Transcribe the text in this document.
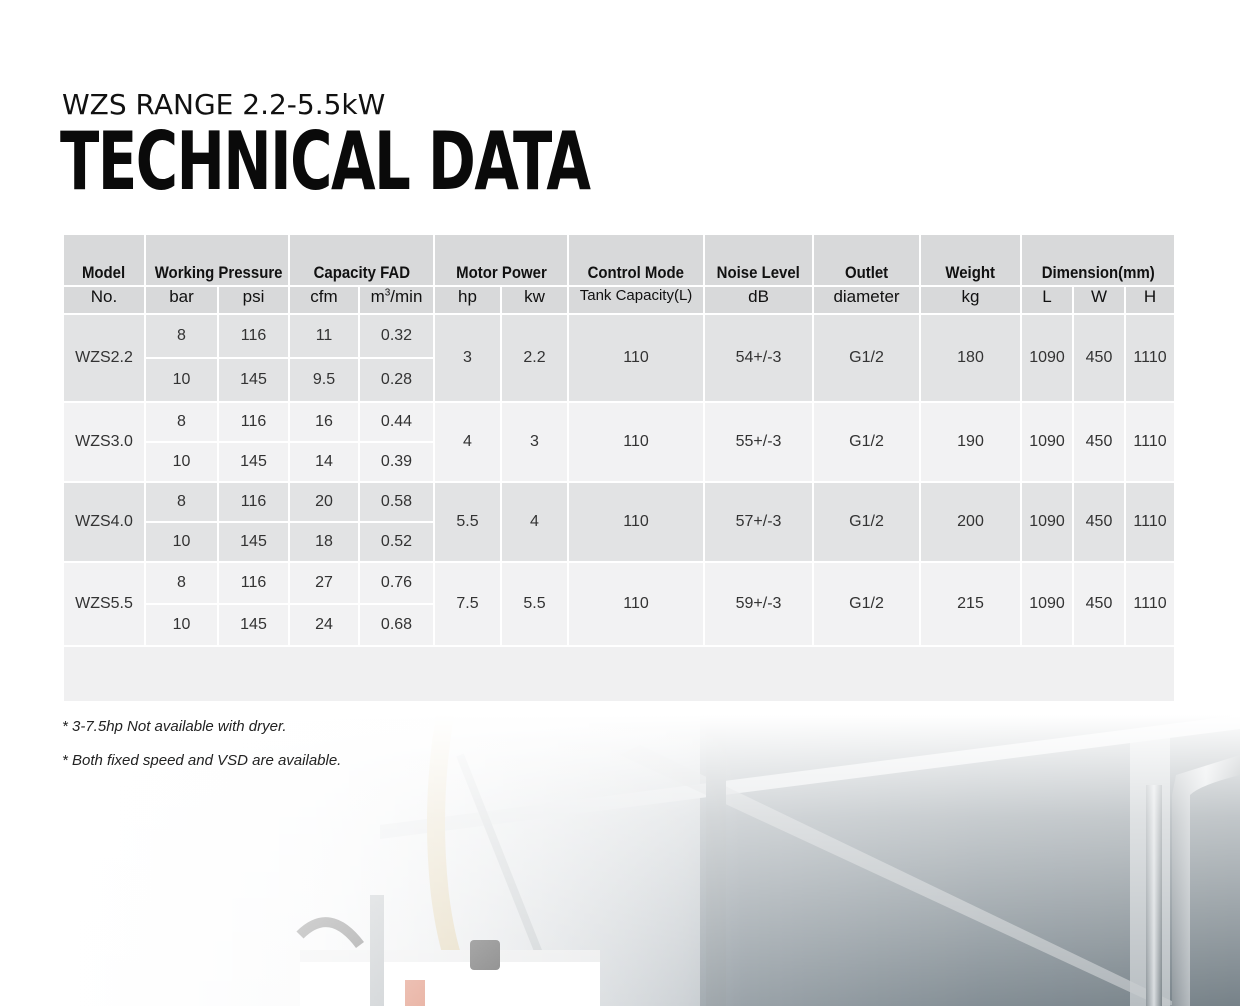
WZS RANGE 2.2-5.5kW
TECHNICAL DATA
Model	Working Pressure		Capacity FAD		Motor Power		Control Mode	Noise Level	Outlet	Weight	Dimension(mm)		
No.	bar	psi	cfm	$m^3/\min$	hp	kw	Tank Capacity(L)	dB	diameter	kg	L	W	H
WZS2.2	8	116	11	0.32	3	2.2	110	54+/-3	G1/2	180	1090	450	1110
	10	145	9.5	0.28									
WZS3.0	8	116	16	0.44	4	3	110	55+/-3	G1/2	190	1090	450	1110
	10	145	14	0.39									
WZS4.0	8	116	20	0.58	5.5	4	110	57+/-3	G1/2	200	1090	450	1110
	10	145	18	0.52									
WZS5.5	8	116	27	0.76	7.5	5.5	110	59+/-3	G1/2	215	1090	450	1110
	10	145	24	0.68									

* 3-7.5hp Not available with dryer.

* Both fixed speed and VSD are available.
